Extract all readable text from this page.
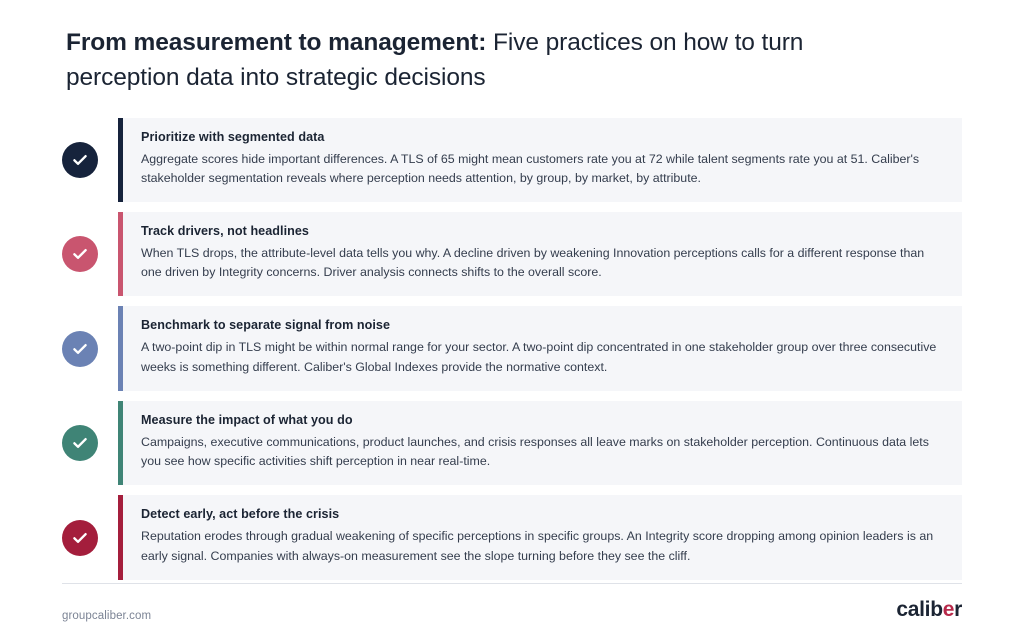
From measurement to management: Five practices on how to turn perception data into strategic decisions

Prioritize with segmented data

Aggregate scores hide important differences. A TLS of 65 might mean customers rate you at 72 while talent segments rate you at 51. Caliber's stakeholder segmentation reveals where perception needs attention, by group, by market, by attribute.

Track drivers, not headlines

When TLS drops, the attribute-level data tells you why. A decline driven by weakening Innovation perceptions calls for a different response than one driven by Integrity concerns. Driver analysis connects shifts to the overall score.

Benchmark to separate signal from noise

A two-point dip in TLS might be within normal range for your sector. A two-point dip concentrated in one stakeholder group over three consecutive weeks is something different. Caliber's Global Indexes provide the normative context.

Measure the impact of what you do

Campaigns, executive communications, product launches, and crisis responses all leave marks on stakeholder perception. Continuous data lets you see how specific activities shift perception in near real-time.

Detect early, act before the crisis

Reputation erodes through gradual weakening of specific perceptions in specific groups. An Integrity score dropping among opinion leaders is an early signal. Companies with always-on measurement see the slope turning before they see the cliff.

groupcaliber.com	caliber
